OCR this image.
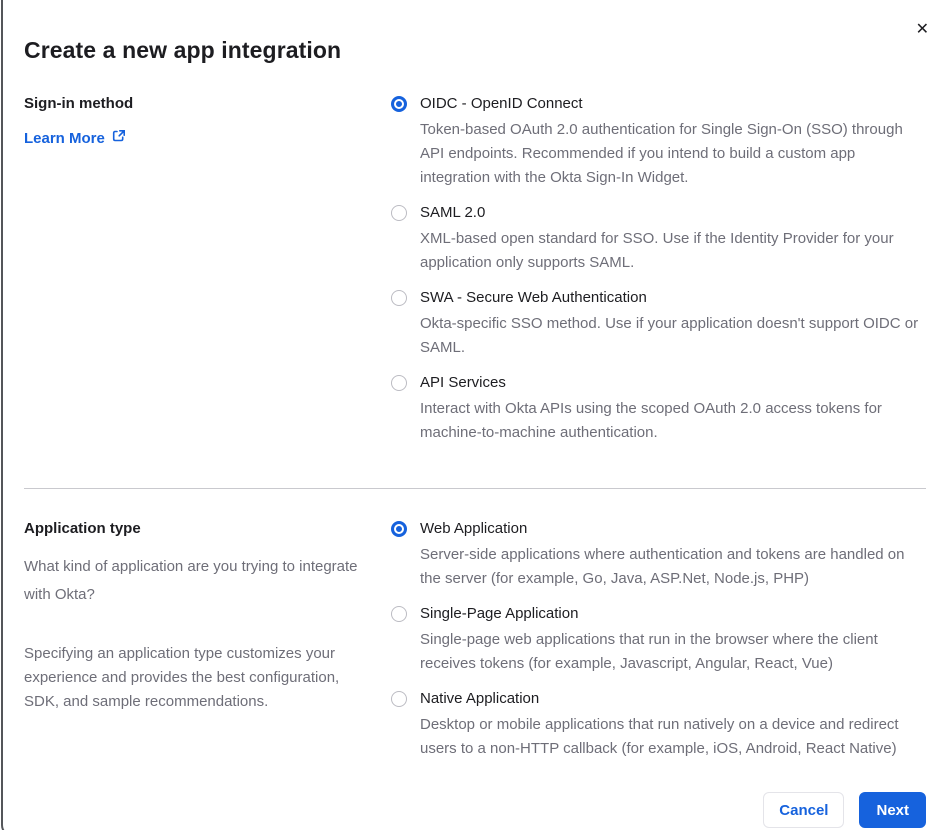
✕
Create a new app integration
Sign-in method
Learn More
OIDC - OpenID Connect
Token-based OAuth 2.0 authentication for Single Sign-On (SSO) through API endpoints. Recommended if you intend to build a custom app integration with the Okta Sign-In Widget.
SAML 2.0
XML-based open standard for SSO. Use if the Identity Provider for your application only supports SAML.
SWA - Secure Web Authentication
Okta-specific SSO method. Use if your application doesn't support OIDC or SAML.
API Services
Interact with Okta APIs using the scoped OAuth 2.0 access tokens for machine-to-machine authentication.
Application type
What kind of application are you trying to integrate with Okta?
Specifying an application type customizes your experience and provides the best configuration, SDK, and sample recommendations.
Web Application
Server-side applications where authentication and tokens are handled on the server (for example, Go, Java, ASP.Net, Node.js, PHP)
Single-Page Application
Single-page web applications that run in the browser where the client receives tokens (for example, Javascript, Angular, React, Vue)
Native Application
Desktop or mobile applications that run natively on a device and redirect users to a non-HTTP callback (for example, iOS, Android, React Native)
Cancel	Next
